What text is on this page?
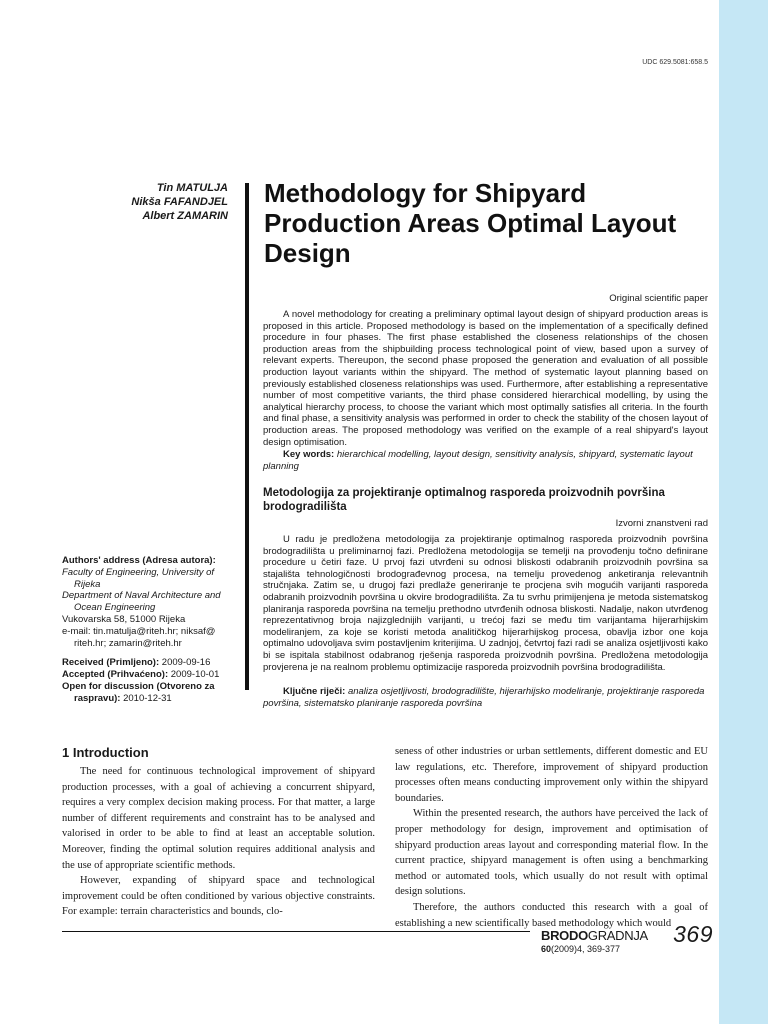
UDC 629.5081:658.5
Tin MATULJA
Nikša FAFANDJEL
Albert ZAMARIN
Methodology for Shipyard Production Areas Optimal Layout Design
Original scientific paper

A novel methodology for creating a preliminary optimal layout design of shipyard production areas is proposed in this article. Proposed methodology is based on the implementation of a specifically defined procedure in four phases. The first phase established the closeness relationships of the chosen production areas from the shipbuilding process technological point of view, based upon a survey of relevant experts. Thereupon, the second phase proposed the generation and evaluation of all possible production layout variants within the shipyard. The method of systematic layout planning based on previously established closeness relationships was used. Furthermore, after establishing a representative number of most competitive variants, the third phase considered hierarchical modelling, by using the analytical hierarchy process, to choose the variant which most optimally satisfies all criteria. In the fourth and final phase, a sensitivity analysis was performed in order to check the stability of the chosen layout of production areas. The proposed methodology was verified on the example of a real shipyard's layout design optimisation.

Key words: hierarchical modelling, layout design, sensitivity analysis, shipyard, systematic layout planning

Metodologija za projektiranje optimalnog rasporeda proizvodnih površina brodogradilišta
Izvorni znanstveni rad

U radu je predložena metodologija za projektiranje optimalnog rasporeda proizvodnih površina brodogradilišta u preliminarnoj fazi. Predložena metodologija se temelji na provođenju točno definirane procedure u četiri faze. U prvoj fazi utvrđeni su odnosi bliskosti odabranih proizvodnih površina sa stajališta tehnologičnosti brodograđevnog procesa, na temelju provedenog anketiranja relevantnih stručnjaka. Zatim se, u drugoj fazi predlaže generiranje te procjena svih mogućih varijanti rasporeda odabranih proizvodnih površina u okvire brodogradilišta. Za tu svrhu primijenjena je metoda sistematskog planiranja rasporeda površina na temelju prethodno utvrđenih odnosa bliskosti. Nadalje, nakon utvrđenog reprezentativnog broja najizglednijih varijanti, u trećoj fazi se među tim varijantama hijerarhijskim modeliranjem, za koje se koristi metoda analitičkog hijerarhijskog procesa, obavlja izbor one koja optimalno udovoljava svim postavljenim kriterijima. U zadnjoj, četvrtoj fazi radi se analiza osjetljivosti kako bi se ispitala stabilnost odabranog rješenja rasporeda proizvodnih površina. Predložena metodologija provjerena je na realnom problemu optimizacije rasporeda proizvodnih površina brodogradilišta.

Ključne riječi: analiza osjetljivosti, brodogradilište, hijerarhijsko modeliranje, projektiranje rasporeda površina, sistematsko planiranje rasporeda površina

Authors' address (Adresa autora):
Faculty of Engineering, University of
Rijeka
Department of Naval Architecture and
Ocean Engineering
Vukovarska 58, 51000 Rijeka
e-mail: tin.matulja@riteh.hr; niksaf@
riteh.hr; zamarin@riteh.hr
Received (Primljeno): 2009-09-16
Accepted (Prihvaćeno): 2009-10-01
Open for discussion (Otvoreno za
raspravu): 2010-12-31
1 Introduction

The need for continuous technological improvement of shipyard production processes, with a goal of achieving a concurrent shipyard, requires a very complex decision making process. For that matter, a large number of different requirements and constraint has to be analysed and valorised in order to be able to find at least an acceptable solution. Moreover, finding the optimal solution requires additional analysis and the use of appropriate scientific methods.

However, expanding of shipyard space and technological improvement could be often conditioned by various objective constraints. For example: terrain characteristics and bounds, clo-

seness of other industries or urban settlements, different domestic and EU law regulations, etc. Therefore, improvement of shipyard production processes often means conducting improvement only within the shipyard boundaries.

Within the presented research, the authors have perceived the lack of proper methodology for design, improvement and optimisation of shipyard production areas layout and corresponding material flow. In the current practice, shipyard management is often using a benchmarking method or automated tools, which usually do not result with optimal design solutions.

Therefore, the authors conducted this research with a goal of establishing a new scientifically based methodology which would

BRODOGRADNJA
60(2009)4, 369-377
369
